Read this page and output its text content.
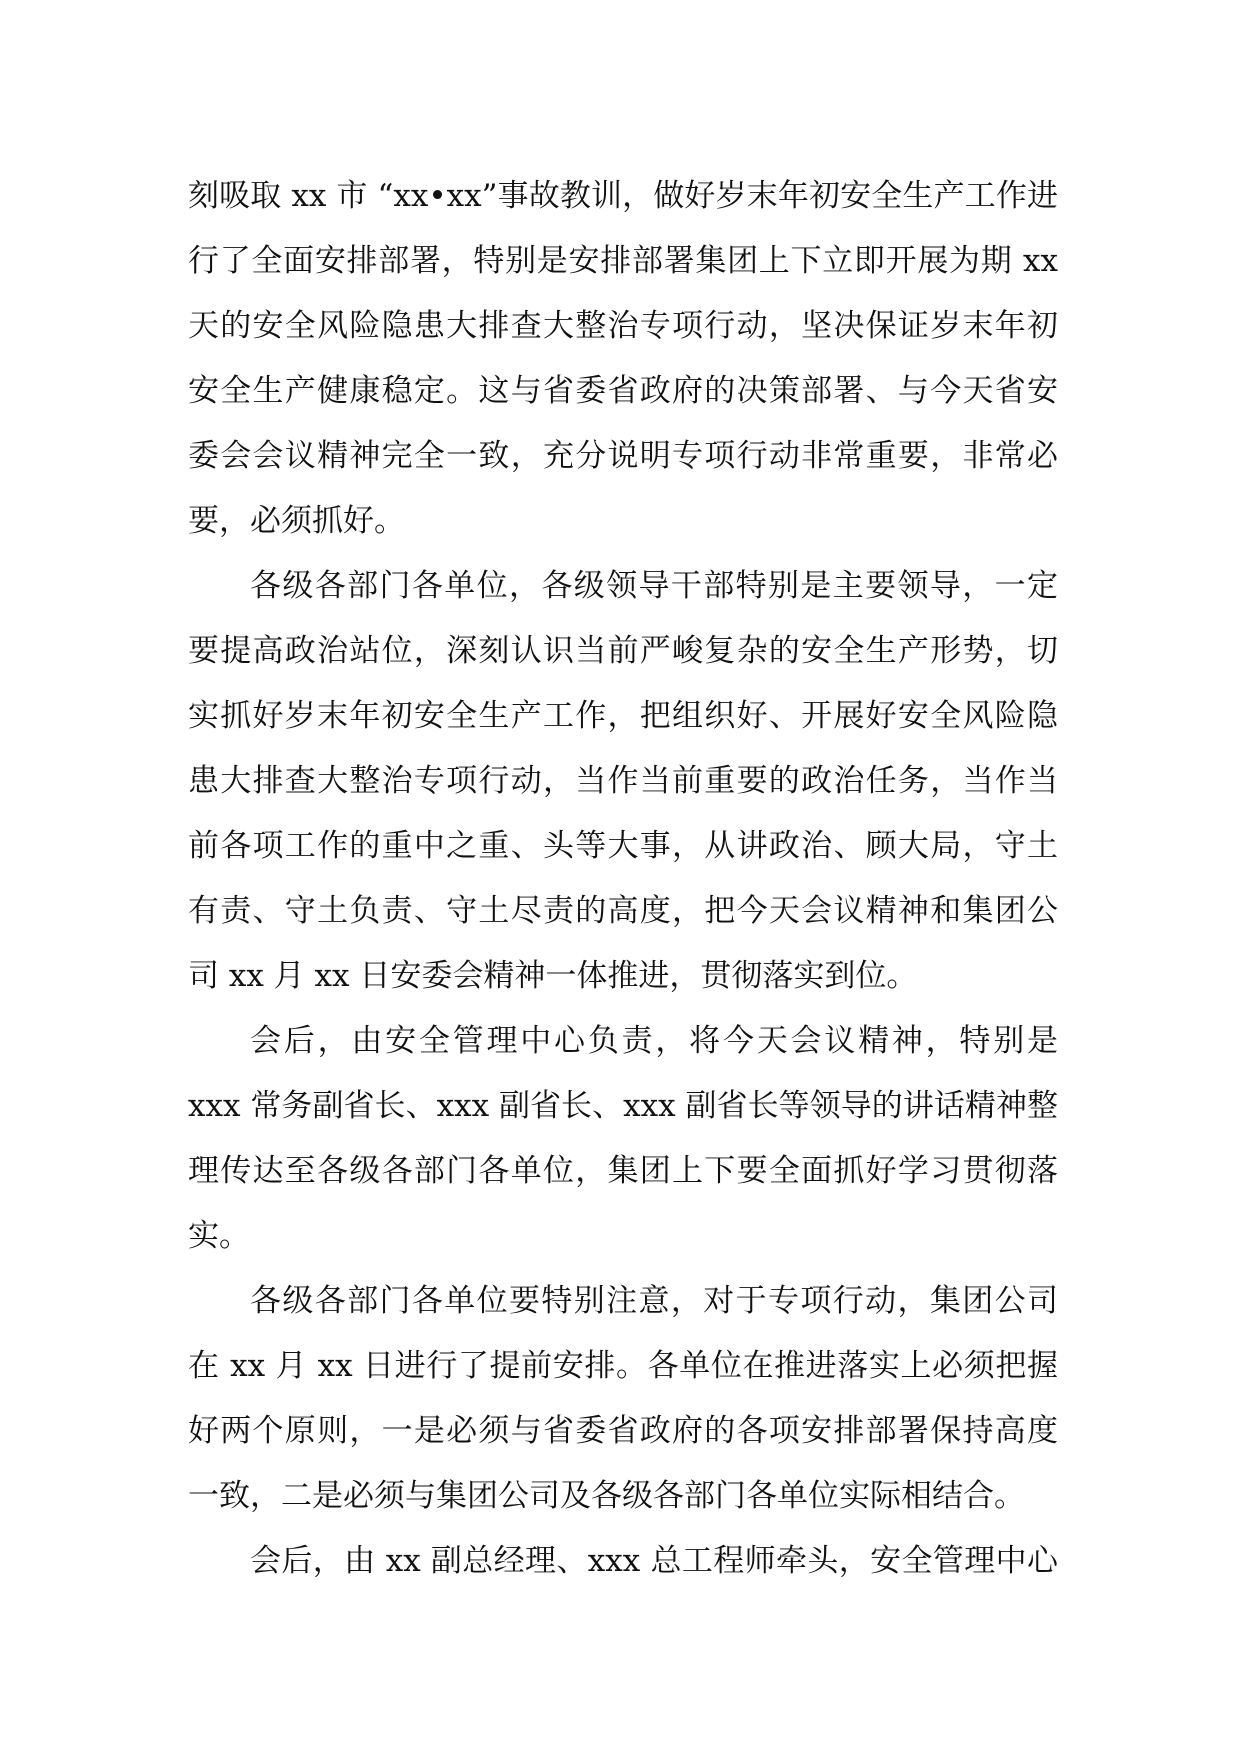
刻吸取 xx 市 “xx•xx”事故教训，做好岁末年初安全生产工作进
行了全面安排部署，特别是安排部署集团上下立即开展为期 xx
天的安全风险隐患大排查大整治专项行动，坚决保证岁末年初
安全生产健康稳定。这与省委省政府的决策部署、与今天省安
委会会议精神完全一致，充分说明专项行动非常重要，非常必
要，必须抓好。
各级各部门各单位，各级领导干部特别是主要领导，一定
要提高政治站位，深刻认识当前严峻复杂的安全生产形势，切
实抓好岁末年初安全生产工作，把组织好、开展好安全风险隐
患大排查大整治专项行动，当作当前重要的政治任务，当作当
前各项工作的重中之重、头等大事，从讲政治、顾大局，守土
有责、守土负责、守土尽责的高度，把今天会议精神和集团公
司 xx 月 xx 日安委会精神一体推进，贯彻落实到位。
会后，由安全管理中心负责，将今天会议精神，特别是
xxx 常务副省长、xxx 副省长、xxx 副省长等领导的讲话精神整
理传达至各级各部门各单位，集团上下要全面抓好学习贯彻落
实。
各级各部门各单位要特别注意，对于专项行动，集团公司
在 xx 月 xx 日进行了提前安排。各单位在推进落实上必须把握
好两个原则，一是必须与省委省政府的各项安排部署保持高度
一致，二是必须与集团公司及各级各部门各单位实际相结合。
会后，由 xx 副总经理、xxx 总工程师牵头，安全管理中心
